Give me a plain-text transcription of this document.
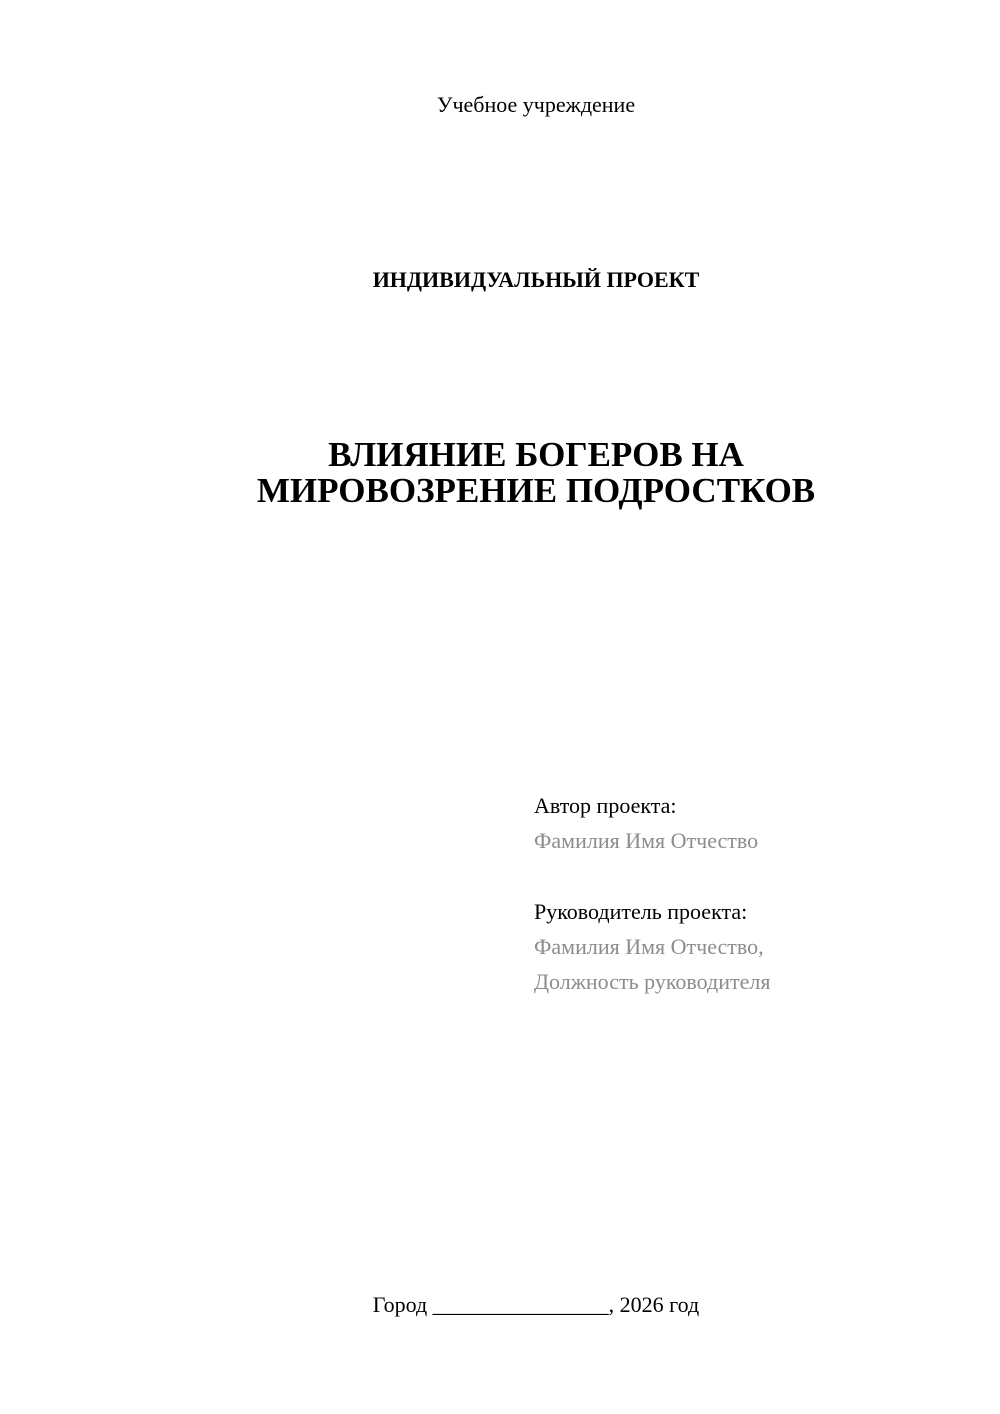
Учебное учреждение
ИНДИВИДУАЛЬНЫЙ ПРОЕКТ
ВЛИЯНИЕ БОГЕРОВ НА
МИРОВОЗРЕНИЕ ПОДРОСТКОВ
Автор проекта:
Фамилия Имя Отчество
Руководитель проекта:
Фамилия Имя Отчество,
Должность руководителя
Город ________________, 2026 год
